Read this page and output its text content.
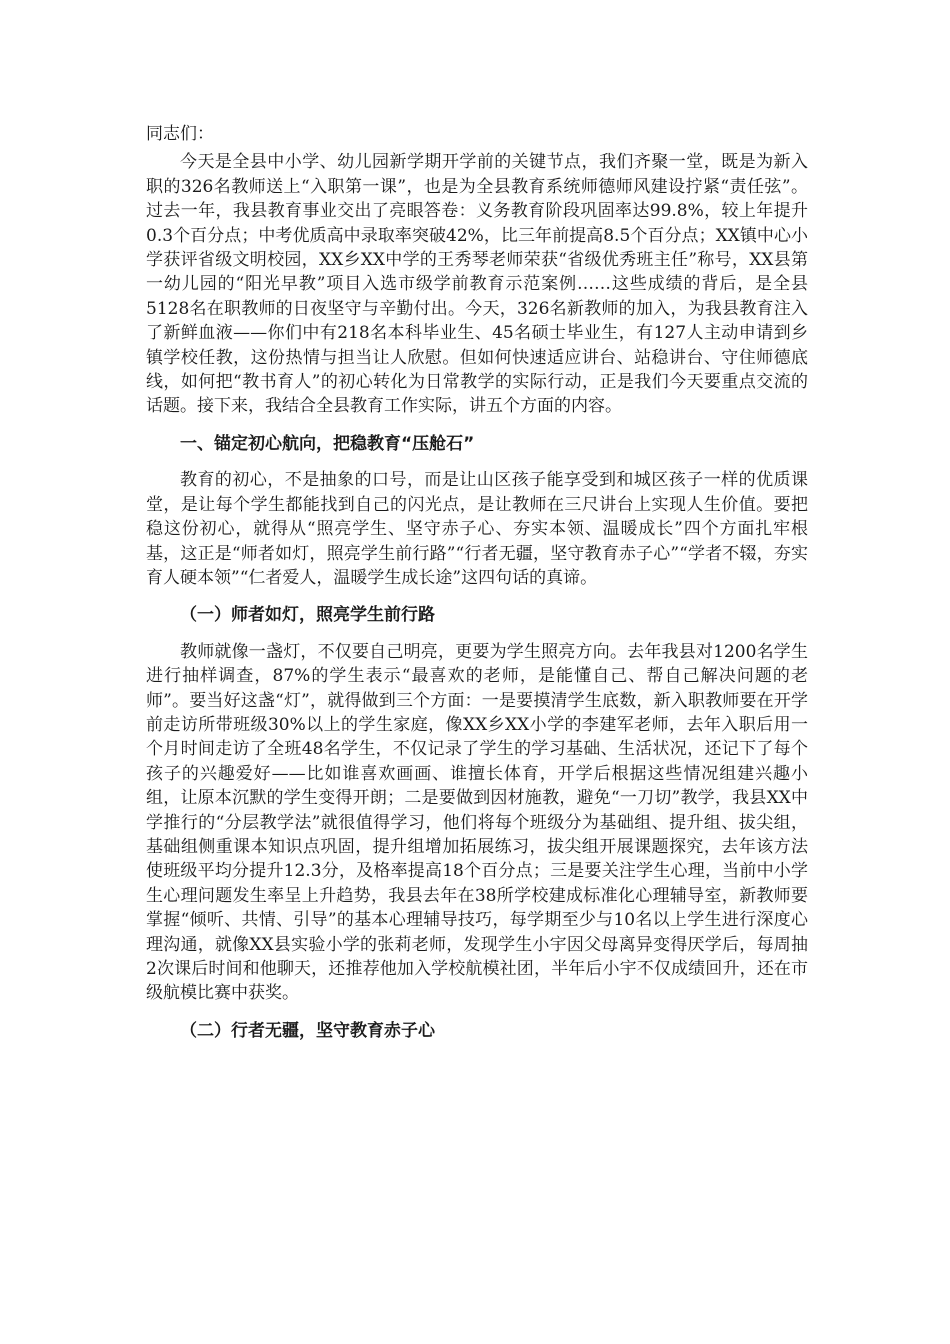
同志们：

今天是全县中小学、幼儿园新学期开学前的关键节点，我们齐聚一堂，既是为新入职的326名教师送上“入职第一课”，也是为全县教育系统师德师风建设拧紧“责任弦”。过去一年，我县教育事业交出了亮眼答卷：义务教育阶段巩固率达99.8%，较上年提升0.3个百分点；中考优质高中录取率突破42%，比三年前提高8.5个百分点；XX镇中心小学获评省级文明校园，XX乡XX中学的王秀琴老师荣获“省级优秀班主任”称号，XX县第一幼儿园的“阳光早教”项目入选市级学前教育示范案例……这些成绩的背后，是全县5128名在职教师的日夜坚守与辛勤付出。今天，326名新教师的加入，为我县教育注入了新鲜血液——你们中有218名本科毕业生、45名硕士毕业生，有127人主动申请到乡镇学校任教，这份热情与担当让人欣慰。但如何快速适应讲台、站稳讲台、守住师德底线，如何把“教书育人”的初心转化为日常教学的实际行动，正是我们今天要重点交流的话题。接下来，我结合全县教育工作实际，讲五个方面的内容。

一、锚定初心航向，把稳教育“压舱石”

教育的初心，不是抽象的口号，而是让山区孩子能享受到和城区孩子一样的优质课堂，是让每个学生都能找到自己的闪光点，是让教师在三尺讲台上实现人生价值。要把稳这份初心，就得从“照亮学生、坚守赤子心、夯实本领、温暖成长”四个方面扎牢根基，这正是“师者如灯，照亮学生前行路”“行者无疆，坚守教育赤子心”“学者不辍，夯实育人硬本领”“仁者爱人，温暖学生成长途”这四句话的真谛。

（一）师者如灯，照亮学生前行路

教师就像一盏灯，不仅要自己明亮，更要为学生照亮方向。去年我县对1200名学生进行抽样调查，87%的学生表示“最喜欢的老师，是能懂自己、帮自己解决问题的老师”。要当好这盏“灯”，就得做到三个方面：一是要摸清学生底数，新入职教师要在开学前走访所带班级30%以上的学生家庭，像XX乡XX小学的李建军老师，去年入职后用一个月时间走访了全班48名学生，不仅记录了学生的学习基础、生活状况，还记下了每个孩子的兴趣爱好——比如谁喜欢画画、谁擅长体育，开学后根据这些情况组建兴趣小组，让原本沉默的学生变得开朗；二是要做到因材施教，避免“一刀切”教学，我县XX中学推行的“分层教学法”就很值得学习，他们将每个班级分为基础组、提升组、拔尖组，基础组侧重课本知识点巩固，提升组增加拓展练习，拔尖组开展课题探究，去年该方法使班级平均分提升12.3分，及格率提高18个百分点；三是要关注学生心理，当前中小学生心理问题发生率呈上升趋势，我县去年在38所学校建成标准化心理辅导室，新教师要掌握“倾听、共情、引导”的基本心理辅导技巧，每学期至少与10名以上学生进行深度心理沟通，就像XX县实验小学的张莉老师，发现学生小宇因父母离异变得厌学后，每周抽2次课后时间和他聊天，还推荐他加入学校航模社团，半年后小宇不仅成绩回升，还在市级航模比赛中获奖。

（二）行者无疆，坚守教育赤子心
